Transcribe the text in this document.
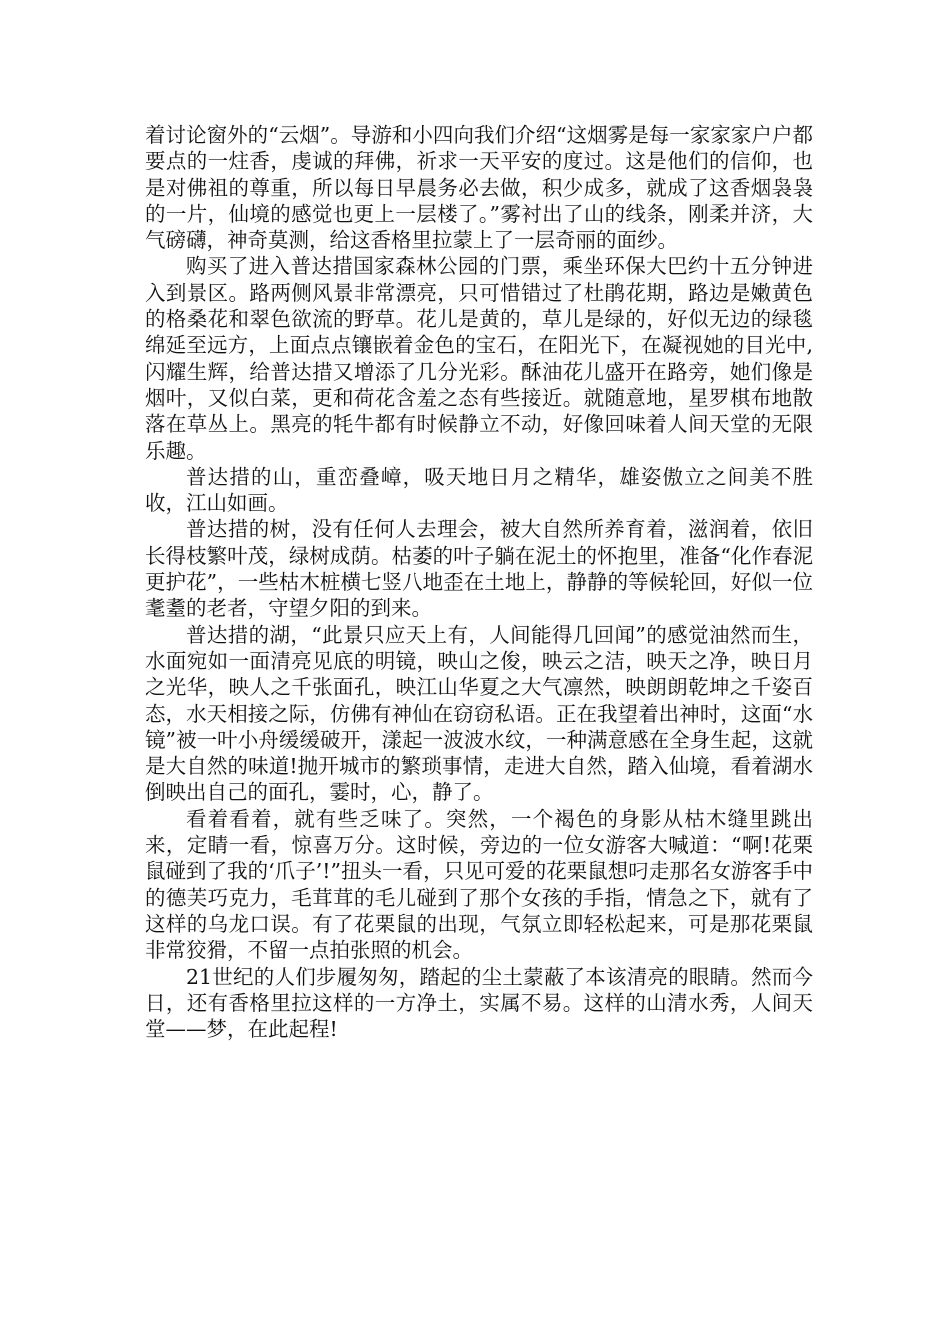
着讨论窗外的“云烟”。导游和小四向我们介绍“这烟雾是每一家家家户户都要点的一炷香，虔诚的拜佛，祈求一天平安的度过。这是他们的信仰，也是对佛祖的尊重，所以每日早晨务必去做，积少成多，就成了这香烟袅袅的一片，仙境的感觉也更上一层楼了。”雾衬出了山的线条，刚柔并济，大气磅礴，神奇莫测，给这香格里拉蒙上了一层奇丽的面纱。

购买了进入普达措国家森林公园的门票，乘坐环保大巴约十五分钟进入到景区。路两侧风景非常漂亮，只可惜错过了杜鹃花期，路边是嫩黄色的格桑花和翠色欲流的野草。花儿是黄的，草儿是绿的，好似无边的绿毯绵延至远方，上面点点镶嵌着金色的宝石，在阳光下，在凝视她的目光中,闪耀生辉，给普达措又增添了几分光彩。酥油花儿盛开在路旁，她们像是烟叶，又似白菜，更和荷花含羞之态有些接近。就随意地，星罗棋布地散落在草丛上。黑亮的牦牛都有时候静立不动，好像回味着人间天堂的无限乐趣。

普达措的山，重峦叠嶂，吸天地日月之精华，雄姿傲立之间美不胜收，江山如画。

普达措的树，没有任何人去理会，被大自然所养育着，滋润着，依旧长得枝繁叶茂，绿树成荫。枯萎的叶子躺在泥土的怀抱里，准备“化作春泥更护花”，一些枯木桩横七竖八地歪在土地上，静静的等候轮回，好似一位耄耋的老者，守望夕阳的到来。

普达措的湖，“此景只应天上有，人间能得几回闻”的感觉油然而生，水面宛如一面清亮见底的明镜，映山之俊，映云之洁，映天之净，映日月之光华，映人之千张面孔，映江山华夏之大气凛然，映朗朗乾坤之千姿百态，水天相接之际，仿佛有神仙在窃窃私语。正在我望着出神时，这面“水镜”被一叶小舟缓缓破开，漾起一波波水纹，一种满意感在全身生起，这就是大自然的味道!抛开城市的繁琐事情，走进大自然，踏入仙境，看着湖水倒映出自己的面孔，霎时，心，静了。

看着看着，就有些乏味了。突然，一个褐色的身影从枯木缝里跳出来，定睛一看，惊喜万分。这时候，旁边的一位女游客大喊道：“啊!花栗鼠碰到了我的‘爪子’!”扭头一看，只见可爱的花栗鼠想叼走那名女游客手中的德芙巧克力，毛茸茸的毛儿碰到了那个女孩的手指，情急之下，就有了这样的乌龙口误。有了花栗鼠的出现，气氛立即轻松起来，可是那花栗鼠非常狡猾，不留一点拍张照的机会。

21世纪的人们步履匆匆，踏起的尘土蒙蔽了本该清亮的眼睛。然而今日，还有香格里拉这样的一方净土，实属不易。这样的山清水秀，人间天堂——梦，在此起程!
